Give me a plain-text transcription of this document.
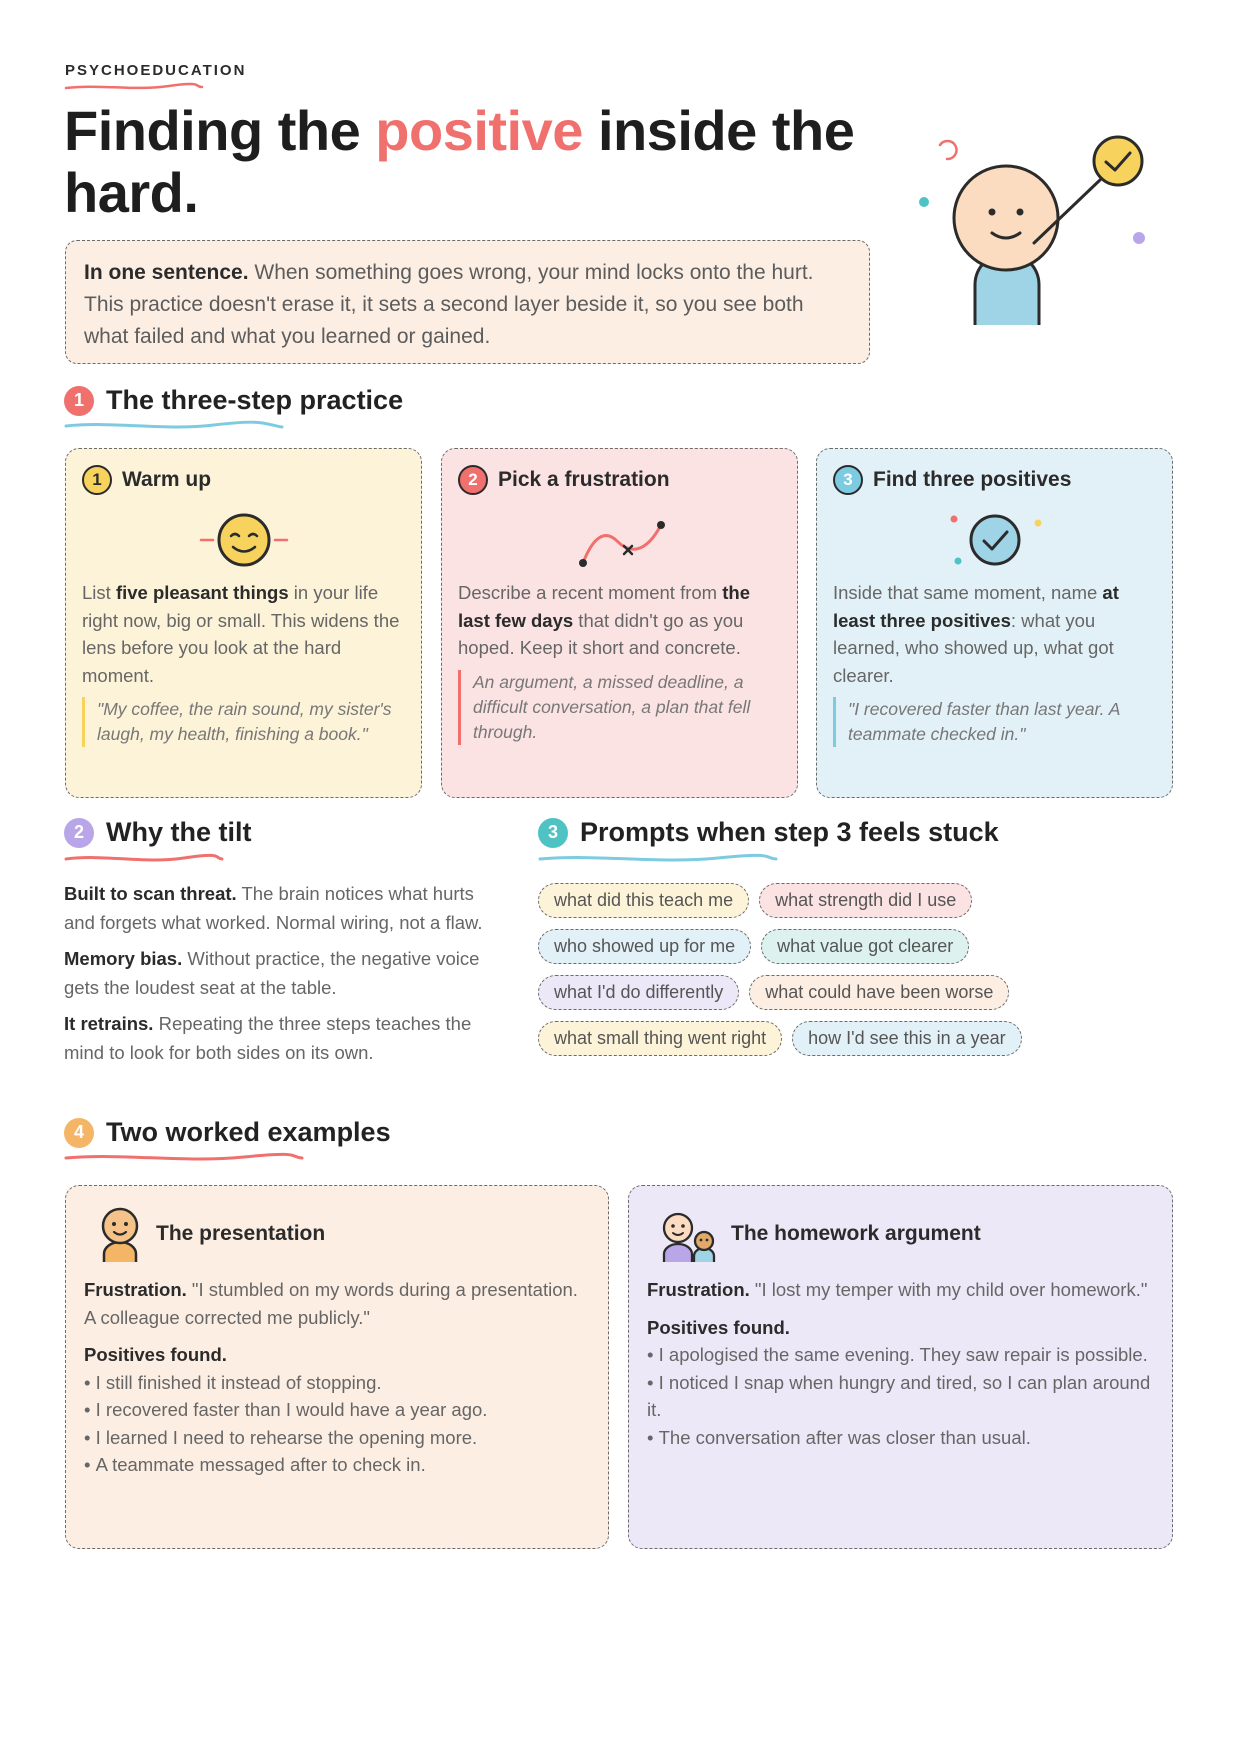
PSYCHOEDUCATION
Finding the positive inside the hard.
In one sentence. When something goes wrong, your mind locks onto the hurt. This practice doesn't erase it, it sets a second layer beside it, so you see both what failed and what you learned or gained.
1 The three-step practice
1 Warm up
List five pleasant things in your life right now, big or small. This widens the lens before you look at the hard moment.
"My coffee, the rain sound, my sister's laugh, my health, finishing a book."
2 Pick a frustration
Describe a recent moment from the last few days that didn't go as you hoped. Keep it short and concrete.
An argument, a missed deadline, a difficult conversation, a plan that fell through.
3 Find three positives
Inside that same moment, name at least three positives: what you learned, who showed up, what got clearer.
"I recovered faster than last year. A teammate checked in."
2 Why the tilt

Built to scan threat. The brain notices what hurts and forgets what worked. Normal wiring, not a flaw.

Memory bias. Without practice, the negative voice gets the loudest seat at the table.

It retrains. Repeating the three steps teaches the mind to look for both sides on its own.

3 Prompts when step 3 feels stuck
what did this teach me	what strength did I use
who showed up for me	what value got clearer
what I'd do differently	what could have been worse
what small thing went right	how I'd see this in a year
4 Two worked examples
The presentation

Frustration. "I stumbled on my words during a presentation. A colleague corrected me publicly."

Positives found.

• I still finished it instead of stopping.
• I recovered faster than I would have a year ago.
• I learned I need to rehearse the opening more.
• A teammate messaged after to check in.
The homework argument

Frustration. "I lost my temper with my child over homework."

Positives found.

• I apologised the same evening. They saw repair is possible.
• I noticed I snap when hungry and tired, so I can plan around it.
• The conversation after was closer than usual.
